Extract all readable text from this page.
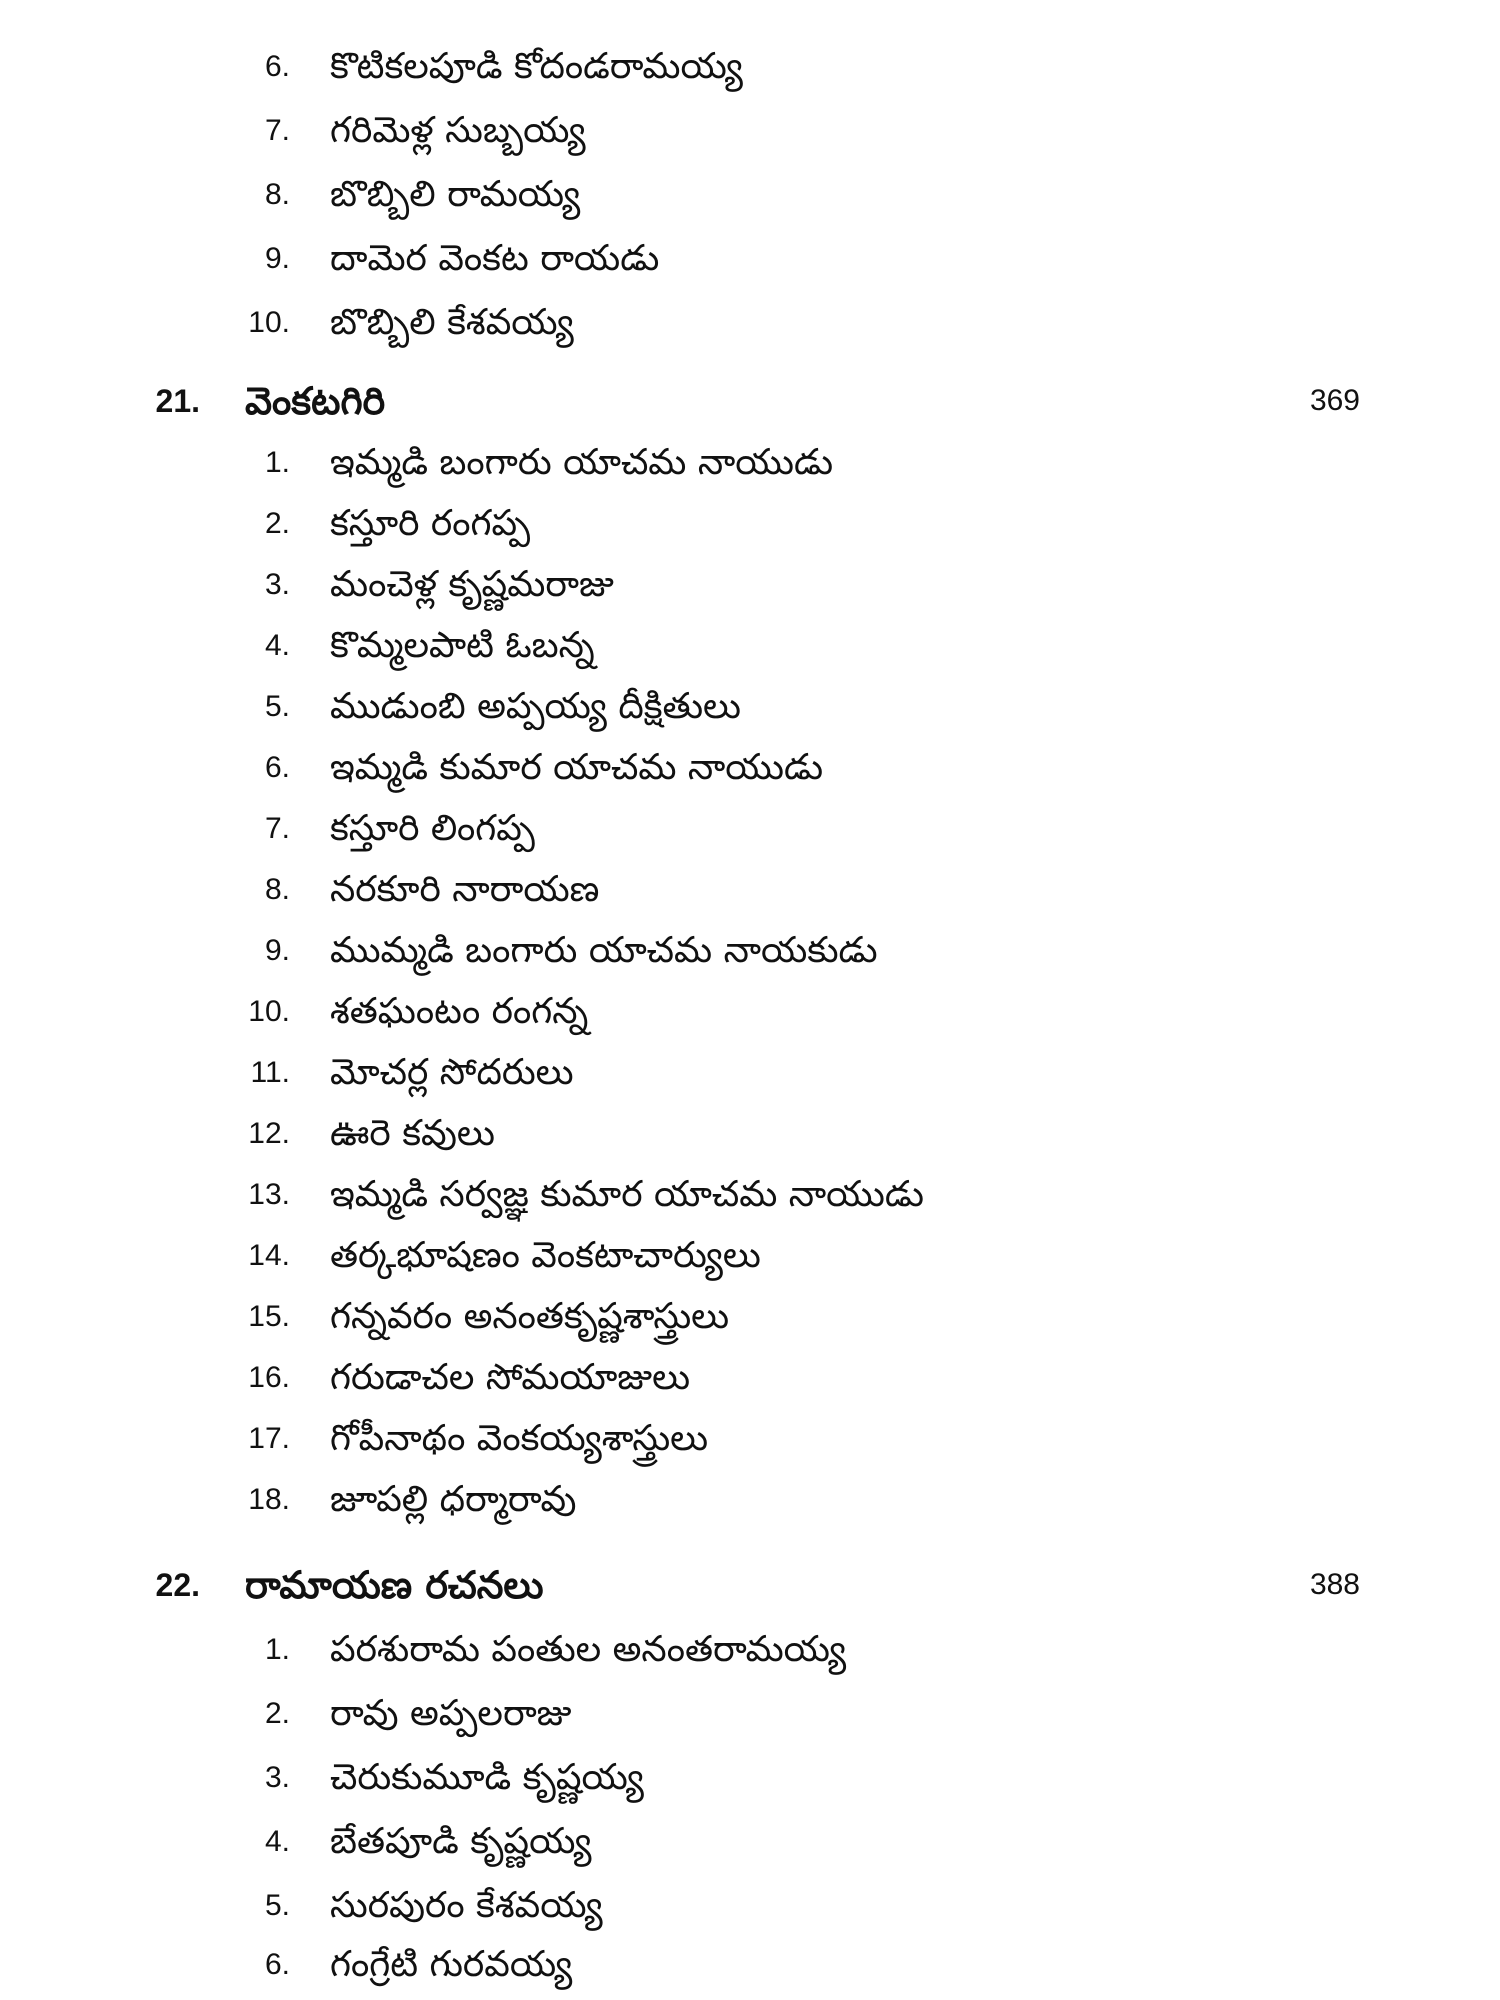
6. కొటికలపూడి కోదండరామయ్య
7. గరిమెళ్ల సుబ్బయ్య
8. బొబ్బిలి రామయ్య
9. దామెర వెంకట రాయడు
10. బొబ్బిలి కేశవయ్య
21. వెంకటగిరి	369
1. ఇమ్మడి బంగారు యాచమ నాయుడు
2. కస్తూరి రంగప్ప
3. మంచెళ్ల కృష్ణమరాజు
4. కొమ్మలపాటి ఓబన్న
5. ముడుంబి అప్పయ్య దీక్షితులు
6. ఇమ్మడి కుమార యాచమ నాయుడు
7. కస్తూరి లింగప్ప
8. నరకూరి నారాయణ
9. ముమ్మడి బంగారు యాచమ నాయకుడు
10. శతఘంటం రంగన్న
11. మోచర్ల సోదరులు
12. ఊరె కవులు
13. ఇమ్మడి సర్వజ్ఞ కుమార యాచమ నాయుడు
14. తర్కభూషణం వెంకటాచార్యులు
15. గన్నవరం అనంతకృష్ణశాస్త్రులు
16. గరుడాచల సోమయాజులు
17. గోపీనాథం వెంకయ్యశాస్త్రులు
18. జూపల్లి ధర్మారావు
22. రామాయణ రచనలు	388
1. పరశురామ పంతుల అనంతరామయ్య
2. రావు అప్పలరాజు
3. చెరుకుమూడి కృష్ణయ్య
4. బేతపూడి కృష్ణయ్య
5. సురపురం కేశవయ్య
6. గంగ్రేటి గురవయ్య
